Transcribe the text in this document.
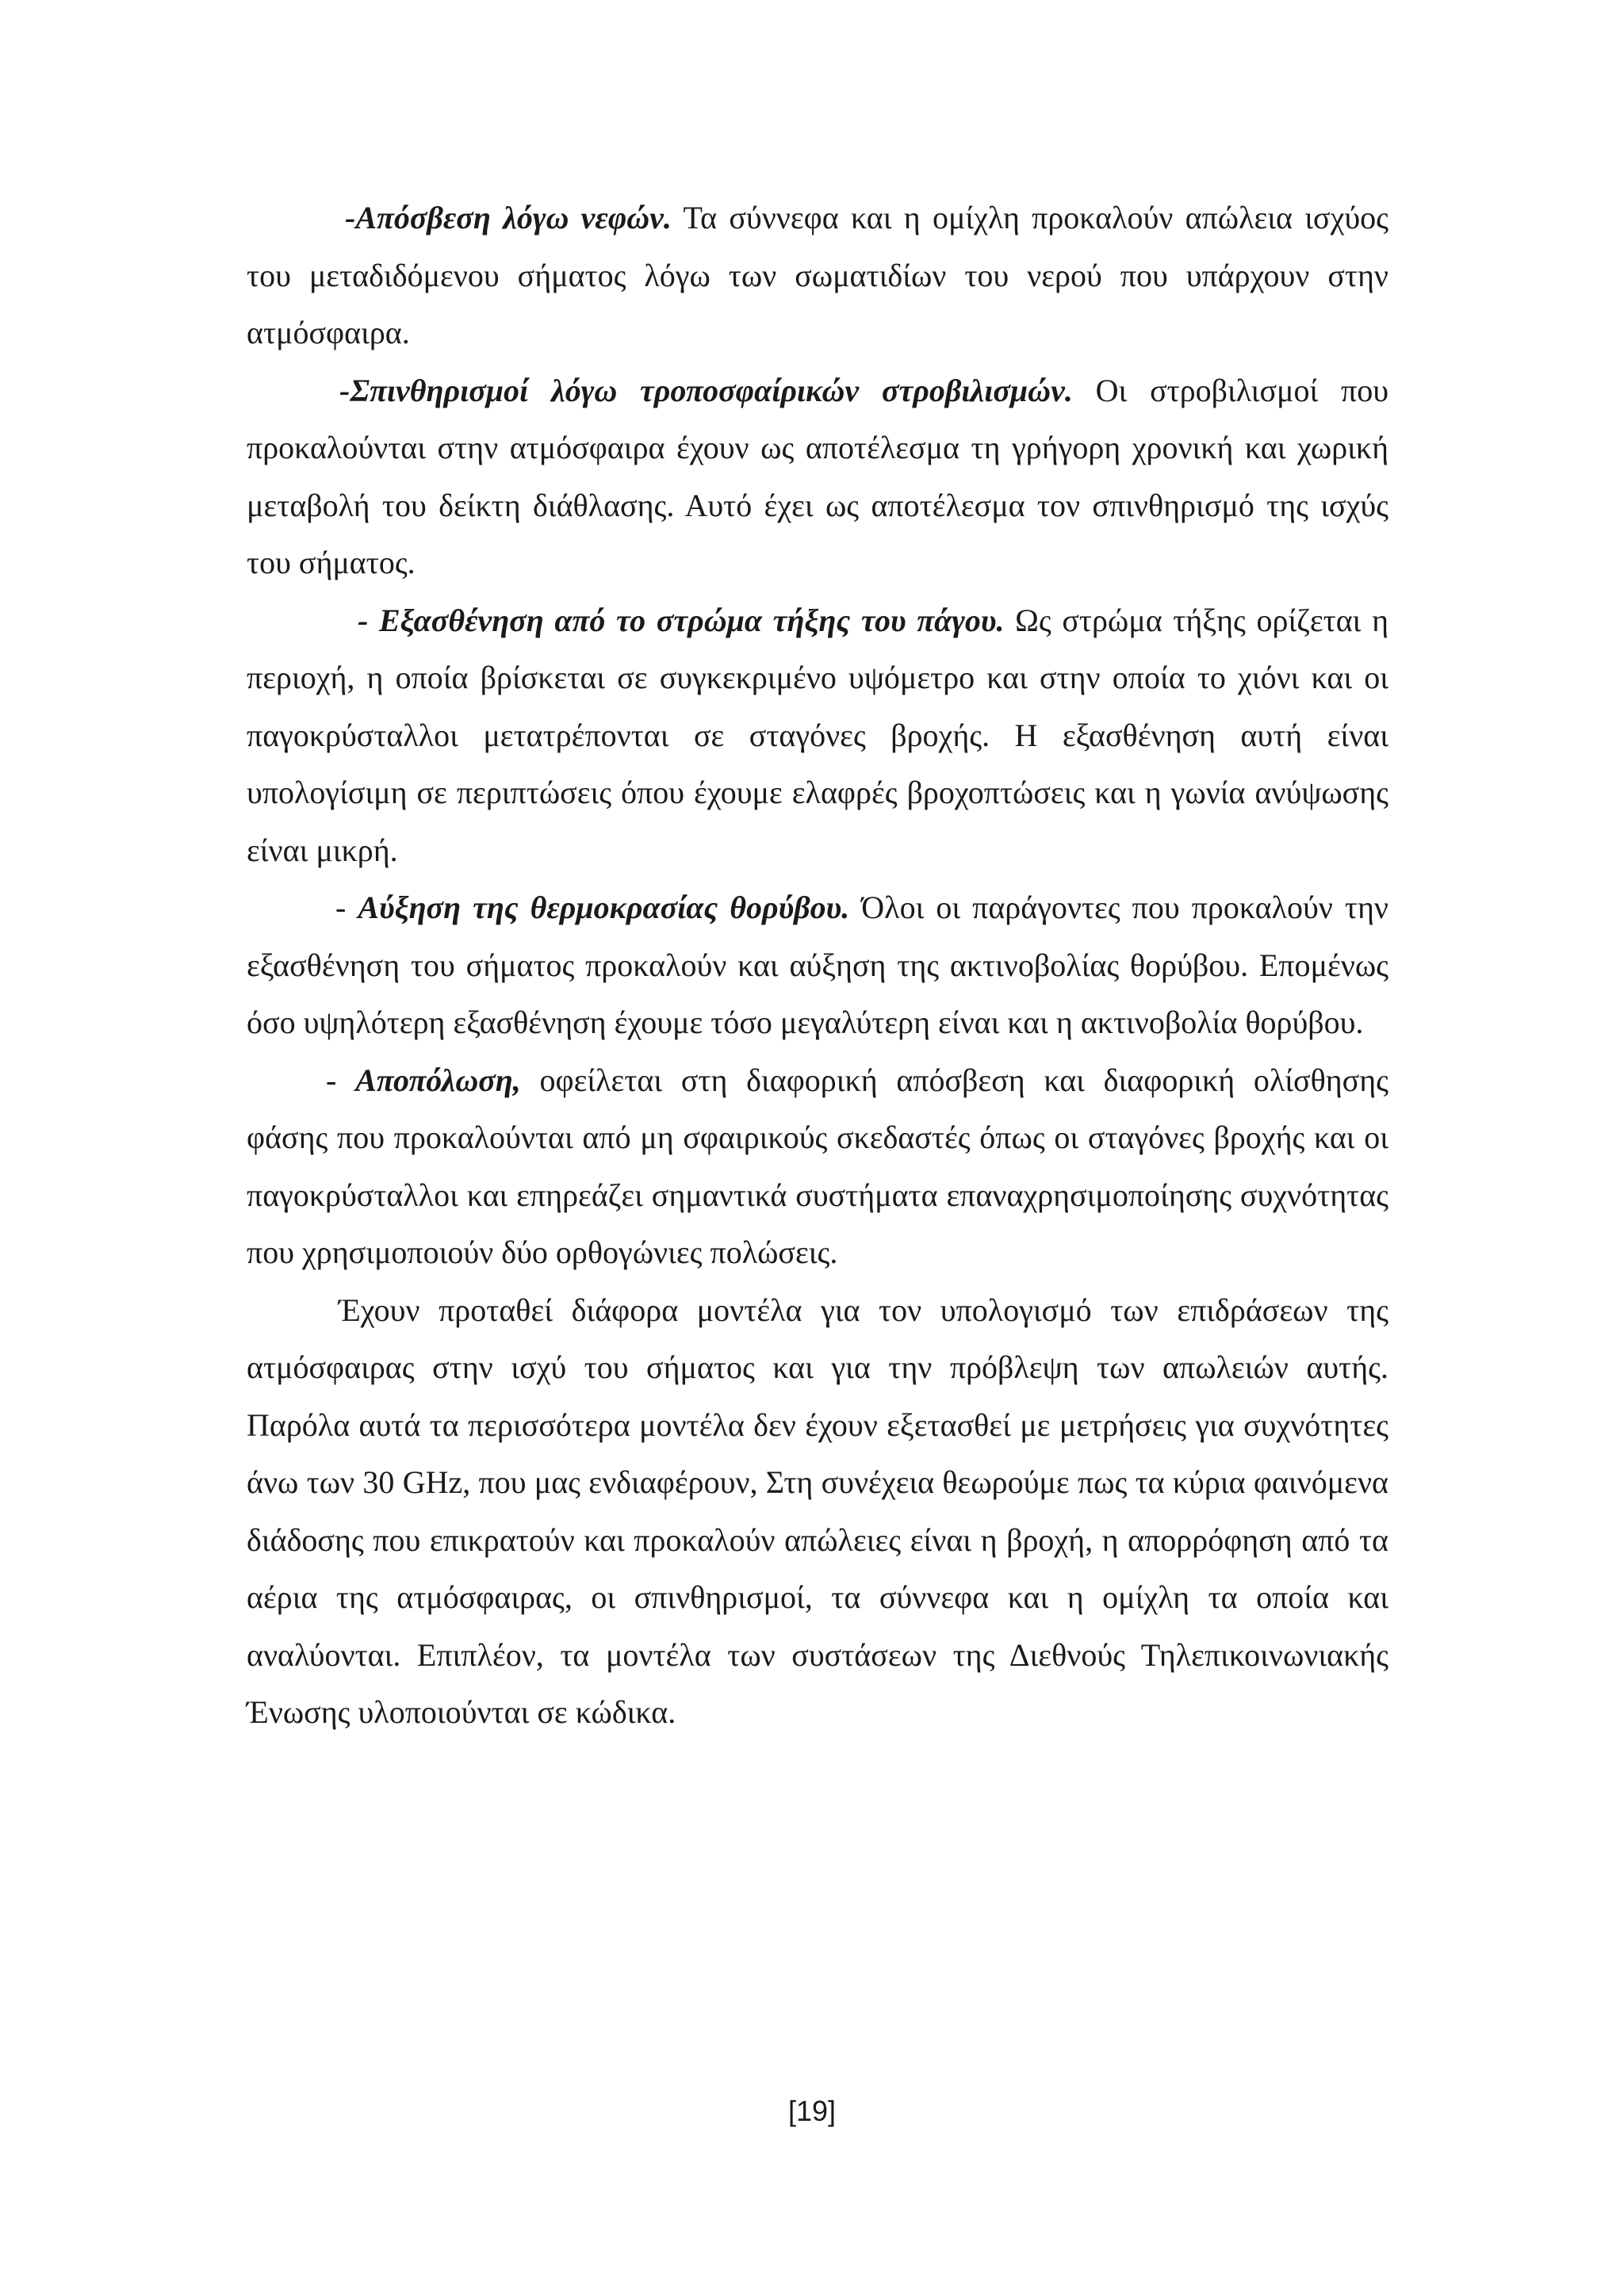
-Απόσβεση λόγω νεφών. Τα σύννεφα και η ομίχλη προκαλούν απώλεια ισχύος του μεταδιδόμενου σήματος λόγω των σωματιδίων του νερού που υπάρχουν στην ατμόσφαιρα.

-Σπινθηρισμοί λόγω τροποσφαίρικών στροβιλισμών. Οι στροβιλισμοί που προκαλούνται στην ατμόσφαιρα έχουν ως αποτέλεσμα τη γρήγορη χρονική και χωρική μεταβολή του δείκτη διάθλασης. Αυτό έχει ως αποτέλεσμα τον σπινθηρισμό της ισχύς του σήματος.

- Εξασθένηση από το στρώμα τήξης του πάγου. Ως στρώμα τήξης ορίζεται η περιοχή, η οποία βρίσκεται σε συγκεκριμένο υψόμετρο και στην οποία το χιόνι και οι παγοκρύσταλλοι μετατρέπονται σε σταγόνες βροχής. Η εξασθένηση αυτή είναι υπολογίσιμη σε περιπτώσεις όπου έχουμε ελαφρές βροχοπτώσεις και η γωνία ανύψωσης είναι μικρή.

- Αύξηση της θερμοκρασίας θορύβου. Όλοι οι παράγοντες που προκαλούν την εξασθένηση του σήματος προκαλούν και αύξηση της ακτινοβολίας θορύβου. Επομένως όσο υψηλότερη εξασθένηση έχουμε τόσο μεγαλύτερη είναι και η ακτινοβολία θορύβου.

- Αποπόλωση, οφείλεται στη διαφορική απόσβεση και διαφορική ολίσθησης φάσης που προκαλούνται από μη σφαιρικούς σκεδαστές όπως οι σταγόνες βροχής και οι παγοκρύσταλλοι και επηρεάζει σημαντικά συστήματα επαναχρησιμοποίησης συχνότητας που χρησιμοποιούν δύο ορθογώνιες πολώσεις.

Έχουν προταθεί διάφορα μοντέλα για τον υπολογισμό των επιδράσεων της ατμόσφαιρας στην ισχύ του σήματος και για την πρόβλεψη των απωλειών αυτής. Παρόλα αυτά τα περισσότερα μοντέλα δεν έχουν εξετασθεί με μετρήσεις για συχνότητες άνω των 30 GHz, που μας ενδιαφέρουν, Στη συνέχεια θεωρούμε πως τα κύρια φαινόμενα διάδοσης που επικρατούν και προκαλούν απώλειες είναι η βροχή, η απορρόφηση από τα αέρια της ατμόσφαιρας, οι σπινθηρισμοί, τα σύννεφα και η ομίχλη τα οποία και αναλύονται. Επιπλέον, τα μοντέλα των συστάσεων της Διεθνούς Τηλεπικοινωνιακής Ένωσης υλοποιούνται σε κώδικα.

[19]
